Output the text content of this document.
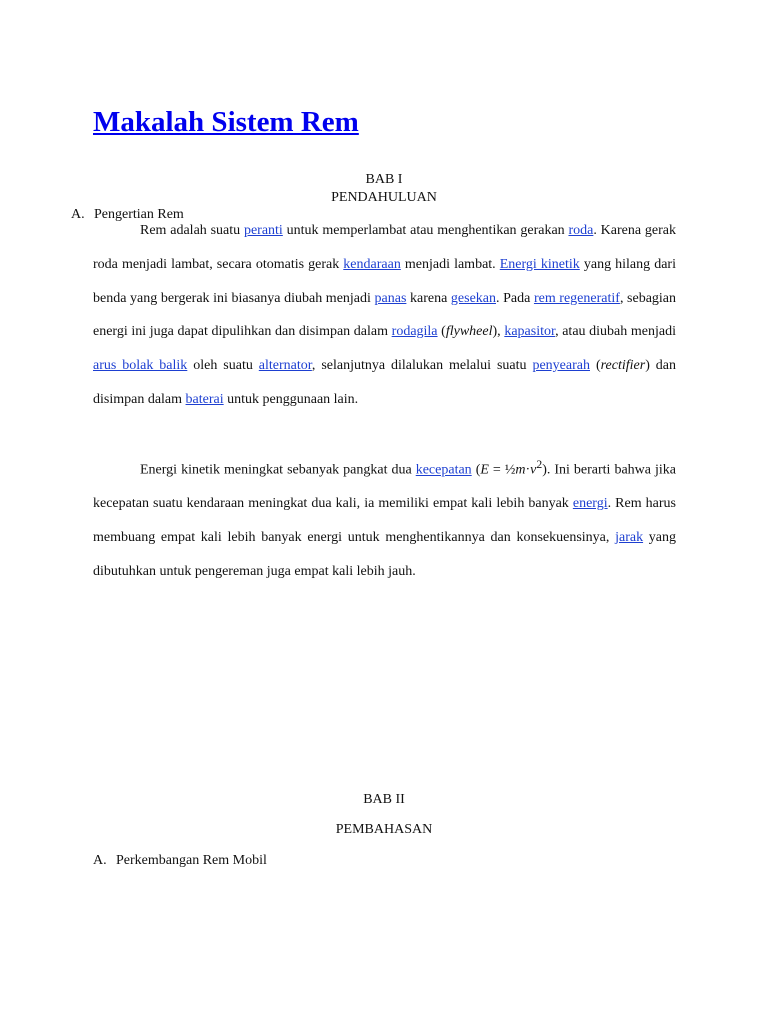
Makalah Sistem Rem
BAB I
PENDAHULUAN
A. Pengertian Rem

Rem adalah suatu peranti untuk memperlambat atau menghentikan gerakan roda. Karena gerak roda menjadi lambat, secara otomatis gerak kendaraan menjadi lambat. Energi kinetik yang hilang dari benda yang bergerak ini biasanya diubah menjadi panas karena gesekan. Pada rem regeneratif, sebagian energi ini juga dapat dipulihkan dan disimpan dalam rodagila (flywheel), kapasitor, atau diubah menjadi arus bolak balik oleh suatu alternator, selanjutnya dilalukan melalui suatu penyearah (rectifier) dan disimpan dalam baterai untuk penggunaan lain.

Energi kinetik meningkat sebanyak pangkat dua kecepatan $(E = \frac{1}{2}m\cdot v^2)$. Ini berarti bahwa jika kecepatan suatu kendaraan meningkat dua kali, ia memiliki empat kali lebih banyak energi. Rem harus membuang empat kali lebih banyak energi untuk menghentikannya dan konsekuensinya, jarak yang dibutuhkan untuk pengereman juga empat kali lebih jauh.

BAB II
PEMBAHASAN
A. Perkembangan Rem Mobil
